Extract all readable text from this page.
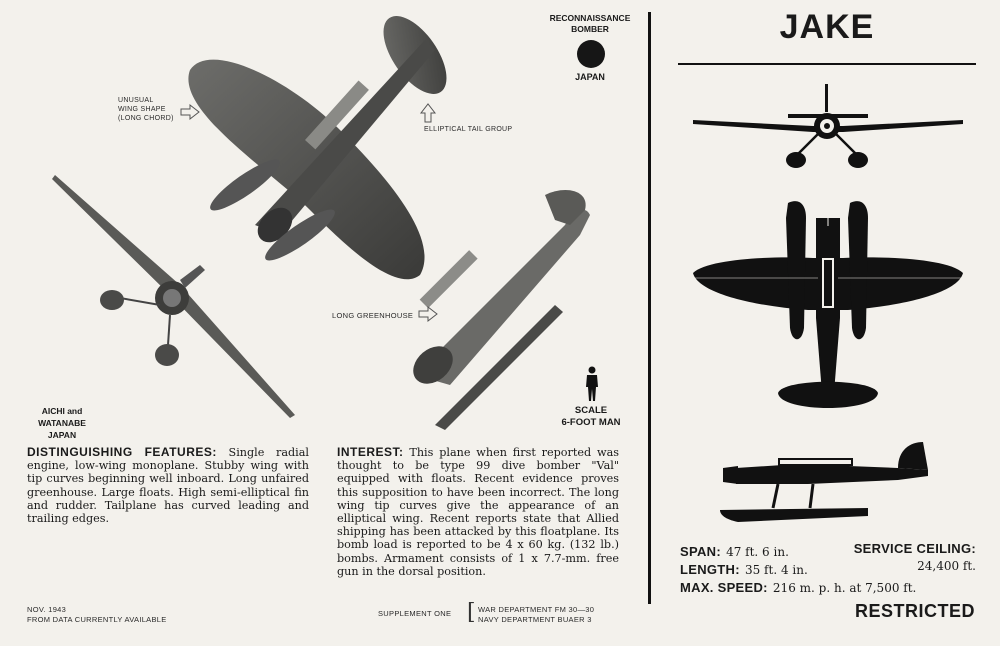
RECONNAISSANCE
BOMBER
JAPAN
UNUSUAL
WING SHAPE
(LONG CHORD)
ELLIPTICAL TAIL GROUP
LONG GREENHOUSE
AICHI and WATANABE
JAPAN
SCALE
6-FOOT MAN
DISTINGUISHING FEATURES: Single radial engine, low-wing monoplane. Stubby wing with tip curves beginning well inboard. Long unfaired greenhouse. Large floats. High semi-elliptical fin and rudder. Tailplane has curved leading and trailing edges.
INTEREST: This plane when first reported was thought to be type 99 dive bomber "Val" equipped with floats. Recent evidence proves this supposition to have been incorrect. The long wing tip curves give the appearance of an elliptical wing. Recent reports state that Allied shipping has been attacked by this floatplane. Its bomb load is reported to be 4 x 60 kg. (132 lb.) bombs. Armament consists of 1 x 7.7-mm. free gun in the dorsal position.
NOV. 1943
FROM DATA CURRENTLY AVAILABLE
SUPPLEMENT ONE [ WAR DEPARTMENT FM 30—30
NAVY DEPARTMENT BUAER 3
JAKE
SPAN: 47 ft. 6 in.
LENGTH: 35 ft. 4 in.
MAX. SPEED: 216 m. p. h. at 7,500 ft.
SERVICE CEILING:
24,400 ft.
RESTRICTED
